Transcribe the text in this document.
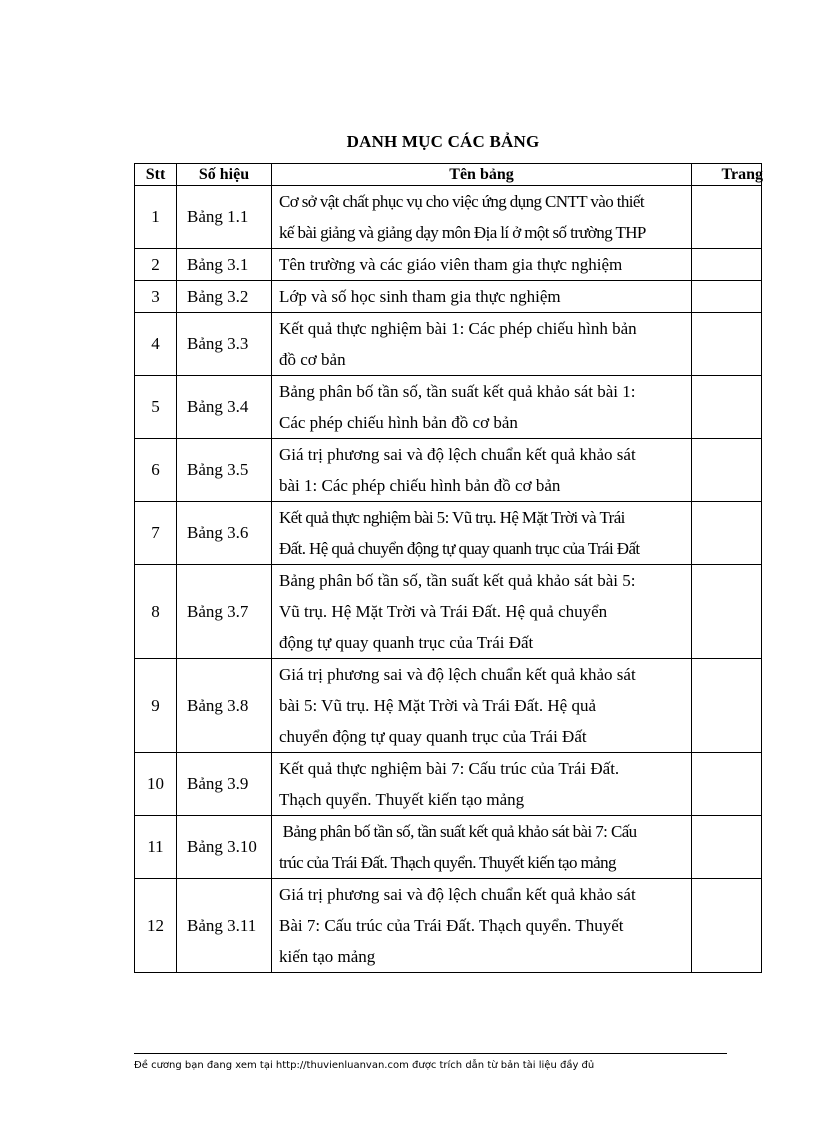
DANH MỤC CÁC BẢNG
Stt	Số hiệu	Tên bảng	Trang
1	Bảng 1.1	Cơ sở vật chất phục vụ cho việc ứng dụng CNTT vào thiết
kế bài giảng và giảng dạy môn Địa lí ở một số trường THP	

2	Bảng 3.1	Tên trường và các giáo viên tham gia thực nghiệm	

3	Bảng 3.2	Lớp và số học sinh tham gia thực nghiệm	

4	Bảng 3.3	Kết quả thực nghiệm bài 1: Các phép chiếu hình bản
đồ cơ bản	

5	Bảng 3.4	Bảng phân bố tần số, tần suất kết quả khảo sát bài 1:
Các phép chiếu hình bản đồ cơ bản	

6	Bảng 3.5	Giá trị phương sai và độ lệch chuẩn kết quả khảo sát
bài 1: Các phép chiếu hình bản đồ cơ bản	

7	Bảng 3.6	Kết quả thực nghiệm bài 5: Vũ trụ. Hệ Mặt Trời và Trái
Đất. Hệ quả chuyển động tự quay quanh trục của Trái Đất	

8	Bảng 3.7	Bảng phân bố tần số, tần suất kết quả khảo sát bài 5:
Vũ trụ. Hệ Mặt Trời và Trái Đất. Hệ quả chuyển
động tự quay quanh trục của Trái Đất	

9	Bảng 3.8	Giá trị phương sai và độ lệch chuẩn kết quả khảo sát
bài 5: Vũ trụ. Hệ Mặt Trời và Trái Đất. Hệ quả
chuyển động tự quay quanh trục của Trái Đất	

10	Bảng 3.9	Kết quả thực nghiệm bài 7: Cấu trúc của Trái Đất.
Thạch quyển. Thuyết kiến tạo mảng	

11	Bảng 3.10	Bảng phân bố tần số, tần suất kết quả khảo sát bài 7: Cấu
trúc của Trái Đất. Thạch quyển. Thuyết kiến tạo mảng	

12	Bảng 3.11	Giá trị phương sai và độ lệch chuẩn kết quả khảo sát
Bài 7: Cấu trúc của Trái Đất. Thạch quyển. Thuyết
kiến tạo mảng	

Đề cương bạn đang xem tại http://thuvienluanvan.com được trích dẫn từ bản tài liệu đầy đủ
